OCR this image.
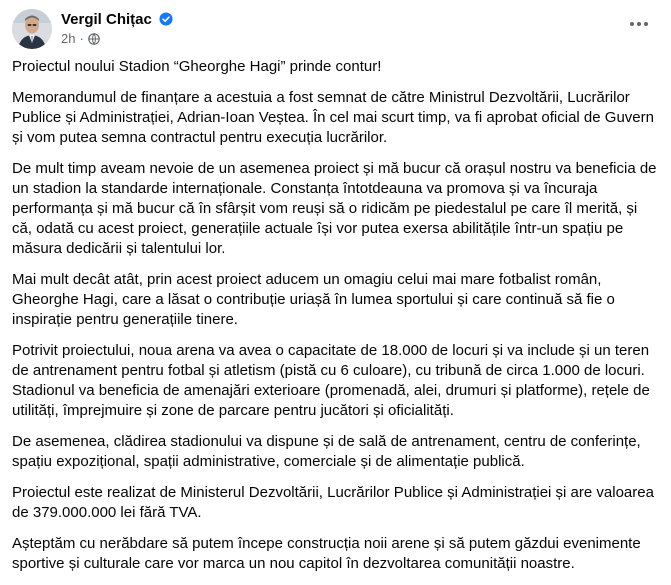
Vergil Chițac
2h ·

Proiectul noului Stadion “Gheorghe Hagi” prinde contur!

Memorandumul de finanțare a acestuia a fost semnat de către Ministrul Dezvoltării, Lucrărilor Publice și Administrației, Adrian-Ioan Veștea. În cel mai scurt timp, va fi aprobat oficial de Guvern și vom putea semna contractul pentru execuția lucrărilor.

De mult timp aveam nevoie de un asemenea proiect și mă bucur că orașul nostru va beneficia de un stadion la standarde internaționale. Constanța întotdeauna va promova și va încuraja performanța și mă bucur că în sfârșit vom reuși să o ridicăm pe piedestalul pe care îl merită, și că, odată cu acest proiect, generațiile actuale își vor putea exersa abilitățile într-un spațiu pe măsura dedicării și talentului lor.

Mai mult decât atât, prin acest proiect aducem un omagiu celui mai mare fotbalist român, Gheorghe Hagi, care a lăsat o contribuție uriașă în lumea sportului și care continuă să fie o inspirație pentru generațiile tinere.

Potrivit proiectului, noua arena va avea o capacitate de 18.000 de locuri și va include și un teren de antrenament pentru fotbal și atletism (pistă cu 6 culoare), cu tribună de circa 1.000 de locuri. Stadionul va beneficia de amenajări exterioare (promenadă, alei, drumuri și platforme), rețele de utilități, împrejmuire și zone de parcare pentru jucători și oficialități.

De asemenea, clădirea stadionului va dispune și de sală de antrenament, centru de conferințe, spațiu expozițional, spații administrative, comerciale și de alimentație publică.

Proiectul este realizat de Ministerul Dezvoltării, Lucrărilor Publice și Administrației și are valoarea de 379.000.000 lei fără TVA.

Așteptăm cu nerăbdare să putem începe construcția noii arene și să putem găzdui evenimente sportive și culturale care vor marca un nou capitol în dezvoltarea comunității noastre.
